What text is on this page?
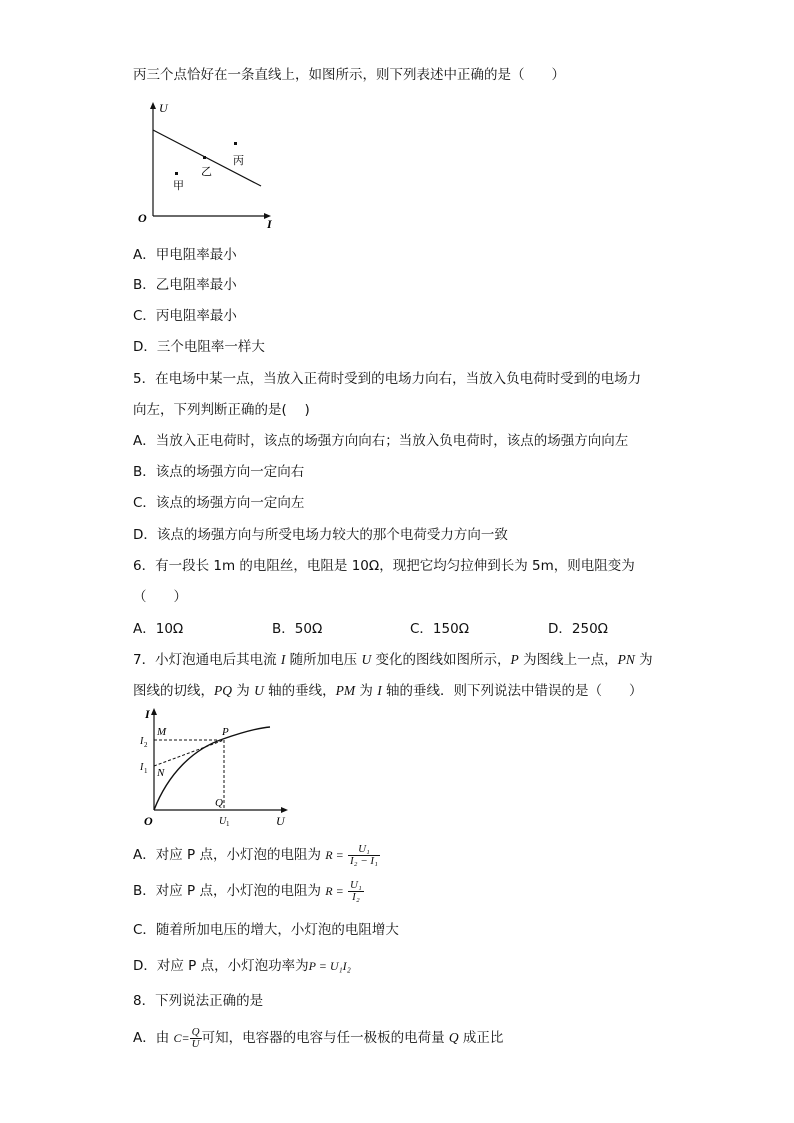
丙三个点恰好在一条直线上，如图所示，则下列表述中正确的是（　　）
U
I
O
甲
乙
丙
A．甲电阻率最小
B．乙电阻率最小
C．丙电阻率最小
D．三个电阻率一样大
5．在电场中某一点，当放入正荷时受到的电场力向右，当放入负电荷时受到的电场力
向左，下列判断正确的是(　 )
A．当放入正电荷时，该点的场强方向向右；当放入负电荷时，该点的场强方向向左
B．该点的场强方向一定向右
C．该点的场强方向一定向左
D．该点的场强方向与所受电场力较大的那个电荷受力方向一致
6．有一段长 1m 的电阻丝，电阻是 10Ω，现把它均匀拉伸到长为 5m，则电阻变为
（　　）
A．10Ω	B．50Ω	C．150Ω	D．250Ω
7．小灯泡通电后其电流 I 随所加电压 U 变化的图线如图所示，P 为图线上一点，PN 为
图线的切线，PQ 为 U 轴的垂线，PM 为 I 轴的垂线．则下列说法中错误的是（　　）
I
U
O
M
N
P
Q
I 2
I 1
U 1
A．对应 P 点，小灯泡的电阻为 $R = \frac{\text{U₁}}{\text{I₂ − I₁}}$
B．对应 P 点，小灯泡的电阻为 $R = \frac{\text{U₁}}{\text{I₂}}$
C．随着所加电压的增大，小灯泡的电阻增大
D．对应 P 点，小灯泡功率为P = U₁I₂
8．下列说法正确的是
A．由 $C= \frac{Q}{U}$ 可知，电容器的电容与任一极板的电荷量 Q 成正比
